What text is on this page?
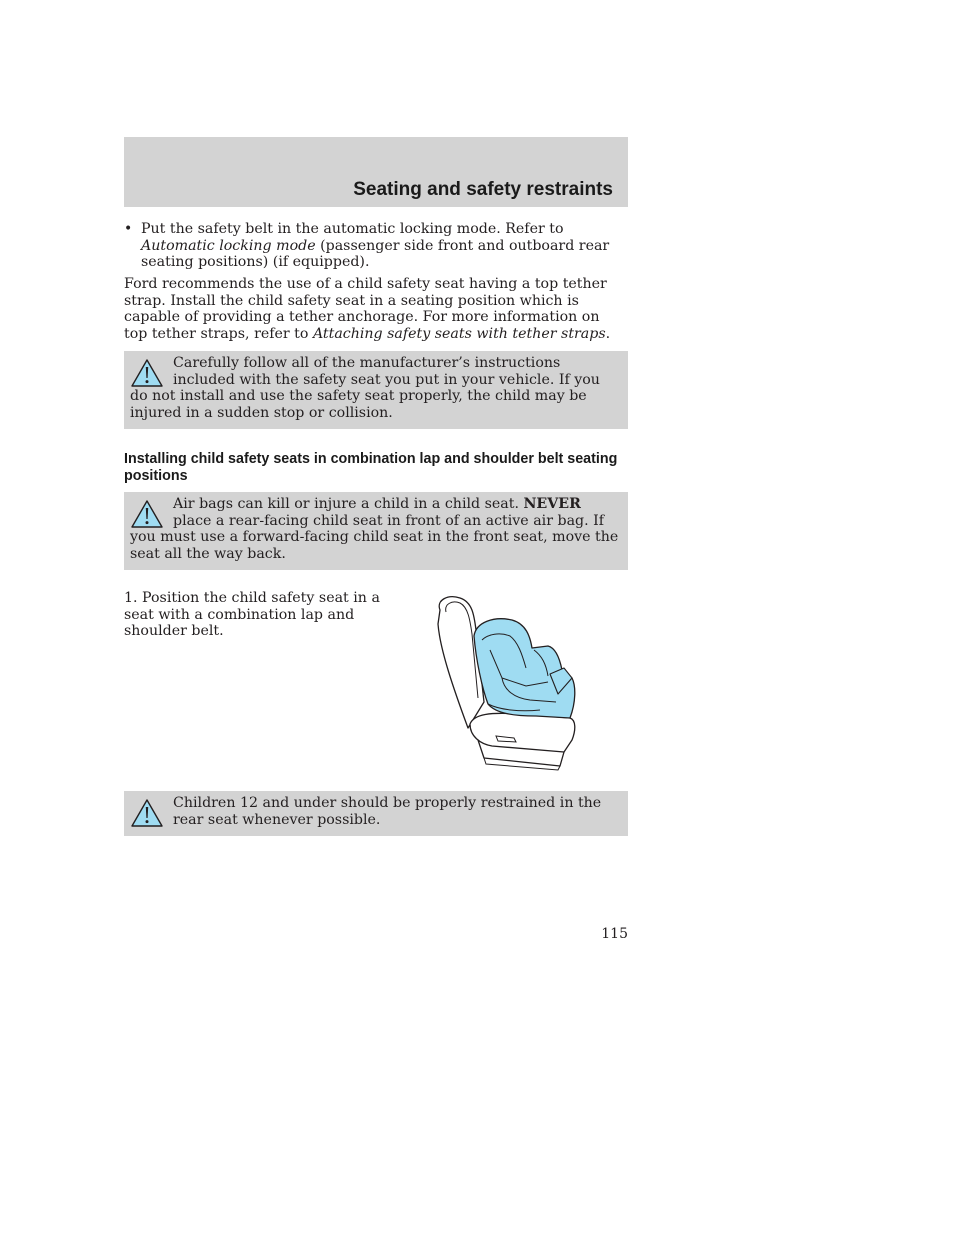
Seating and safety restraints
• Put the safety belt in the automatic locking mode. Refer to Automatic locking mode (passenger side front and outboard rear seating positions) (if equipped).

Ford recommends the use of a child safety seat having a top tether strap. Install the child safety seat in a seating position which is capable of providing a tether anchorage. For more information on top tether straps, refer to Attaching safety seats with tether straps.

Carefully follow all of the manufacturer’s instructions included with the safety seat you put in your vehicle. If you do not install and use the safety seat properly, the child may be injured in a sudden stop or collision.

Installing child safety seats in combination lap and shoulder belt seating positions

Air bags can kill or injure a child in a child seat. NEVER place a rear-facing child seat in front of an active air bag. If you must use a forward-facing child seat in the front seat, move the seat all the way back.

1. Position the child safety seat in a seat with a combination lap and shoulder belt.

Children 12 and under should be properly restrained in the rear seat whenever possible.

115
